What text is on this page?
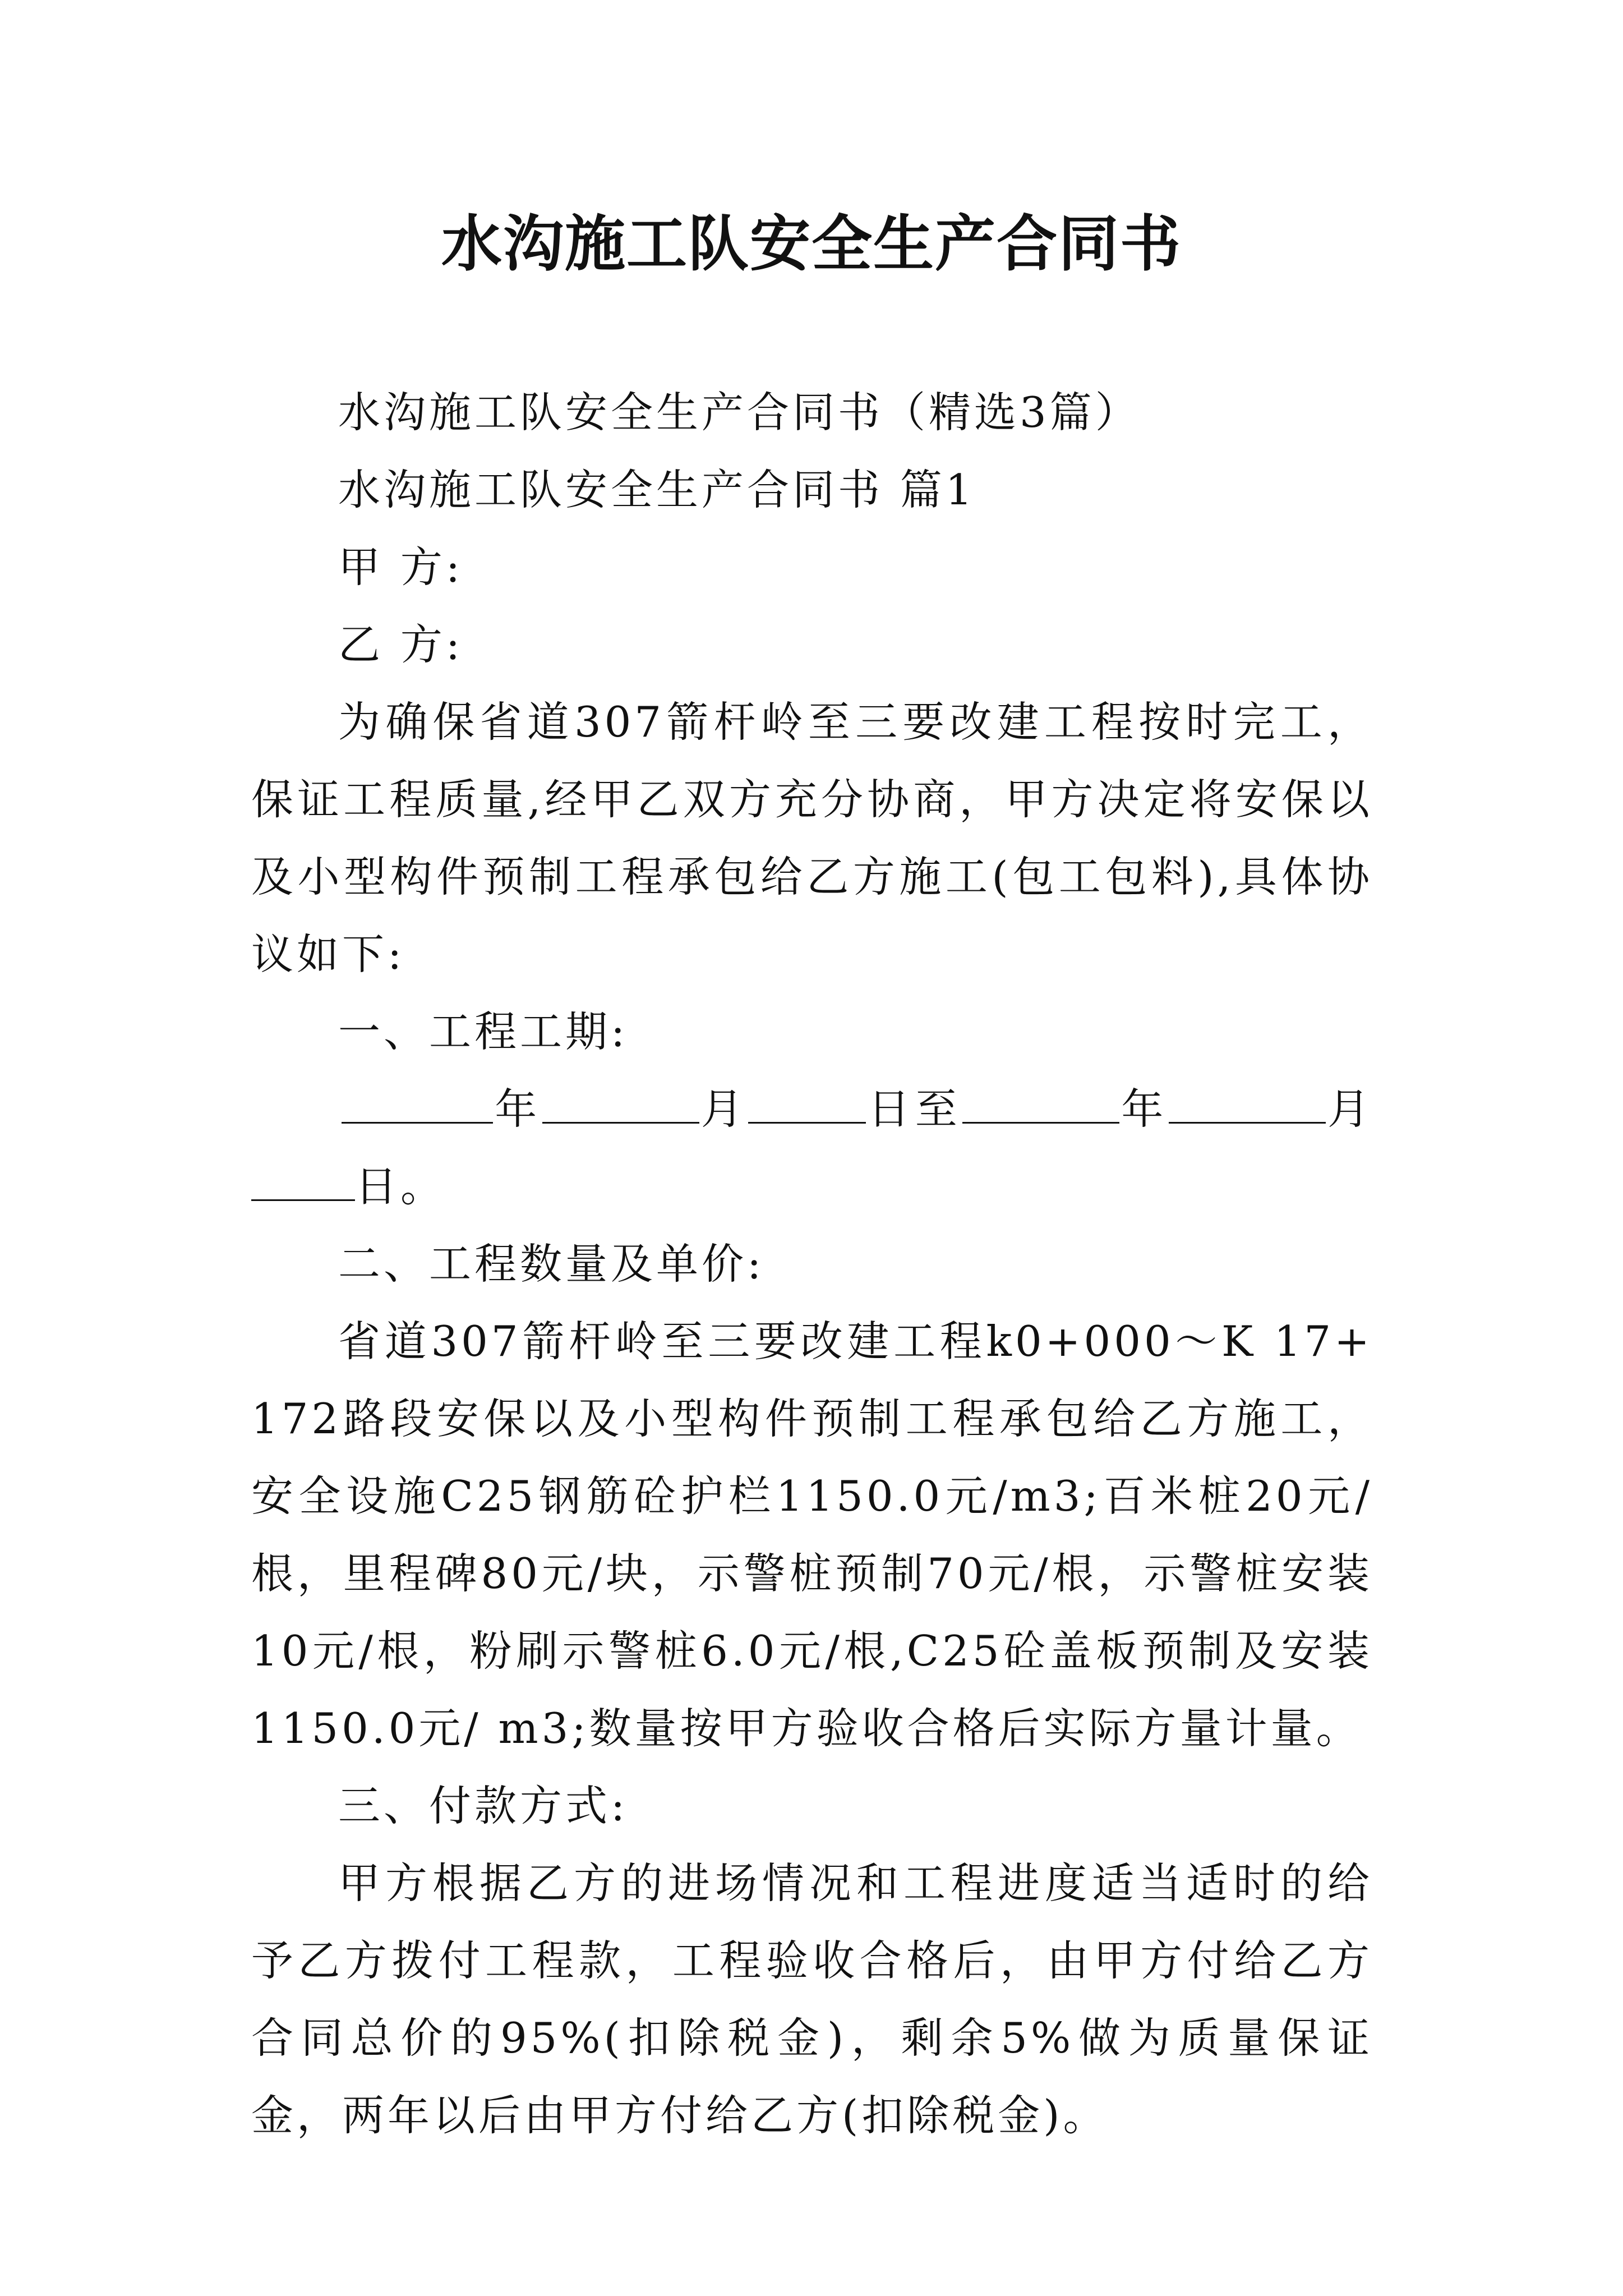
水沟施工队安全生产合同书

水沟施工队安全生产合同书（精选3篇）

水沟施工队安全生产合同书 篇1

甲 方:

乙 方:

为确保省道307箭杆岭至三要改建工程按时完工，保证工程质量,经甲乙双方充分协商，甲方决定将安保以及小型构件预制工程承包给乙方施工(包工包料),具体协议如下:

一、工程工期:

年	月	日至	年	月 日。

二、工程数量及单价:

省道307箭杆岭至三要改建工程k0+000～K 17+172路段安保以及小型构件预制工程承包给乙方施工，安全设施C25钢筋砼护栏1150.0元/m3;百米桩20元/根，里程碑80元/块，示警桩预制70元/根，示警桩安装10元/根，粉刷示警桩6.0元/根,C25砼盖板预制及安装1150.0元/ m3;数量按甲方验收合格后实际方量计量。

三、付款方式:

甲方根据乙方的进场情况和工程进度适当适时的给予乙方拨付工程款，工程验收合格后，由甲方付给乙方合同总价的95%(扣除税金)，剩余5%做为质量保证金，两年以后由甲方付给乙方(扣除税金)。
